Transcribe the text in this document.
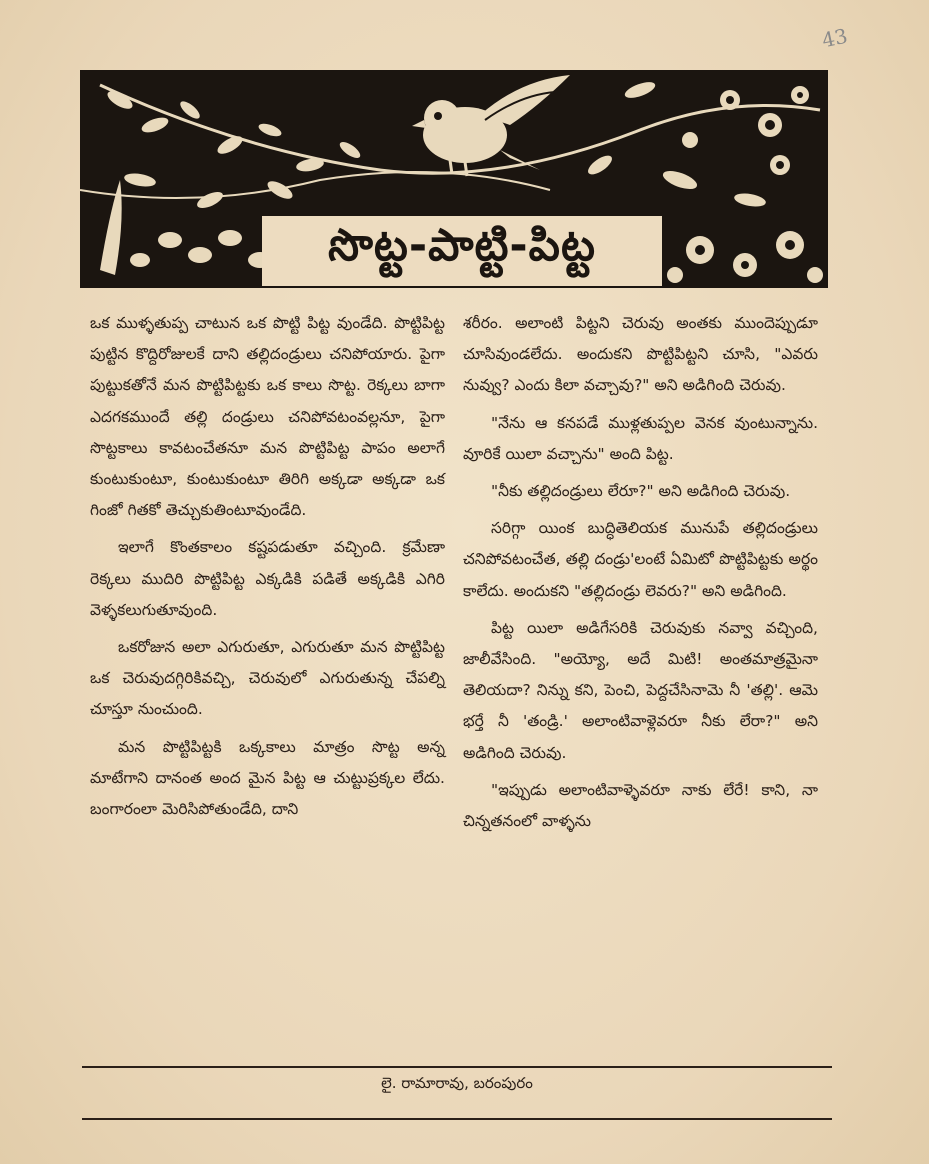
43
సొట్ట-పాట్టి-పిట్ట

ఒక ముళ్ళతుప్ప చాటున ఒక పొట్టి పిట్ట వుండేది. పొట్టిపిట్ట పుట్టిన కొద్దిరోజులకే దాని తల్లిదండ్రులు చనిపోయారు. పైగా పుట్టుకతోనే మన పొట్టిపిట్టకు ఒక కాలు సొట్ట. రెక్కలు బాగా ఎదగకముందే తల్లి దండ్రులు చనిపోవటంవల్లనూ, పైగా సొట్టకాలు కావటంచేతనూ మన పొట్టిపిట్ట పాపం అలాగే కుంటుకుంటూ, కుంటుకుంటూ తిరిగి అక్కడా అక్కడా ఒక గింజో గితకో తెచ్చుకుతింటూవుండేది.

ఇలాగే కొంతకాలం కష్టపడుతూ వచ్చింది. క్రమేణా రెక్కలు ముదిరి పొట్టిపిట్ట ఎక్కడికి పడితే అక్కడికి ఎగిరి వెళ్ళకలుగుతూవుంది.

ఒకరోజున అలా ఎగురుతూ, ఎగురుతూ మన పొట్టిపిట్ట ఒక చెరువుదగ్గిరికివచ్చి, చెరువులో ఎగురుతున్న చేపల్ని చూస్తూ నుంచుంది.

మన పొట్టిపిట్టకి ఒక్కకాలు మాత్రం సొట్ట అన్న మాటేగాని దానంత అంద మైన పిట్ట ఆ చుట్టుప్రక్కల లేదు. బంగారంలా మెరిసిపోతుండేది, దాని

శరీరం. అలాంటి పిట్టని చెరువు అంతకు ముందెప్పుడూ చూసివుండలేదు. అందుకని పొట్టిపిట్టని చూసి, "ఎవరు నువ్వు? ఎందు కిలా వచ్చావు?" అని అడిగింది చెరువు.

"నేను ఆ కనపడే ముళ్లతుప్పల వెనక వుంటున్నాను. వూరికే యిలా వచ్చాను" అంది పిట్ట.

"నీకు తల్లిదండ్రులు లేరూ?" అని అడిగింది చెరువు.

సరిగ్గా యింక బుద్ధితెలియక మునుపే తల్లిదండ్రులు చనిపోవటంచేత, తల్లి దండ్రు'లంటే ఏమిటో పొట్టిపిట్టకు అర్థం కాలేదు. అందుకని "తల్లిదండ్రు లెవరు?" అని అడిగింది.

పిట్ట యిలా అడిగేసరికి చెరువుకు నవ్వా వచ్చింది, జాలీవేసింది. "అయ్యో, అదే మిటి! అంతమాత్రమైనా తెలియదా? నిన్ను కని, పెంచి, పెద్దచేసినామె నీ 'తల్లి'. ఆమె భర్తే నీ 'తండ్రి.' అలాంటివాళ్లెవరూ నీకు లేరా?" అని అడిగింది చెరువు.

"ఇప్పుడు అలాంటివాళ్ళెవరూ నాకు లేరే! కాని, నా చిన్నతనంలో వాళ్ళను

లై. రామారావు, బరంపురం
